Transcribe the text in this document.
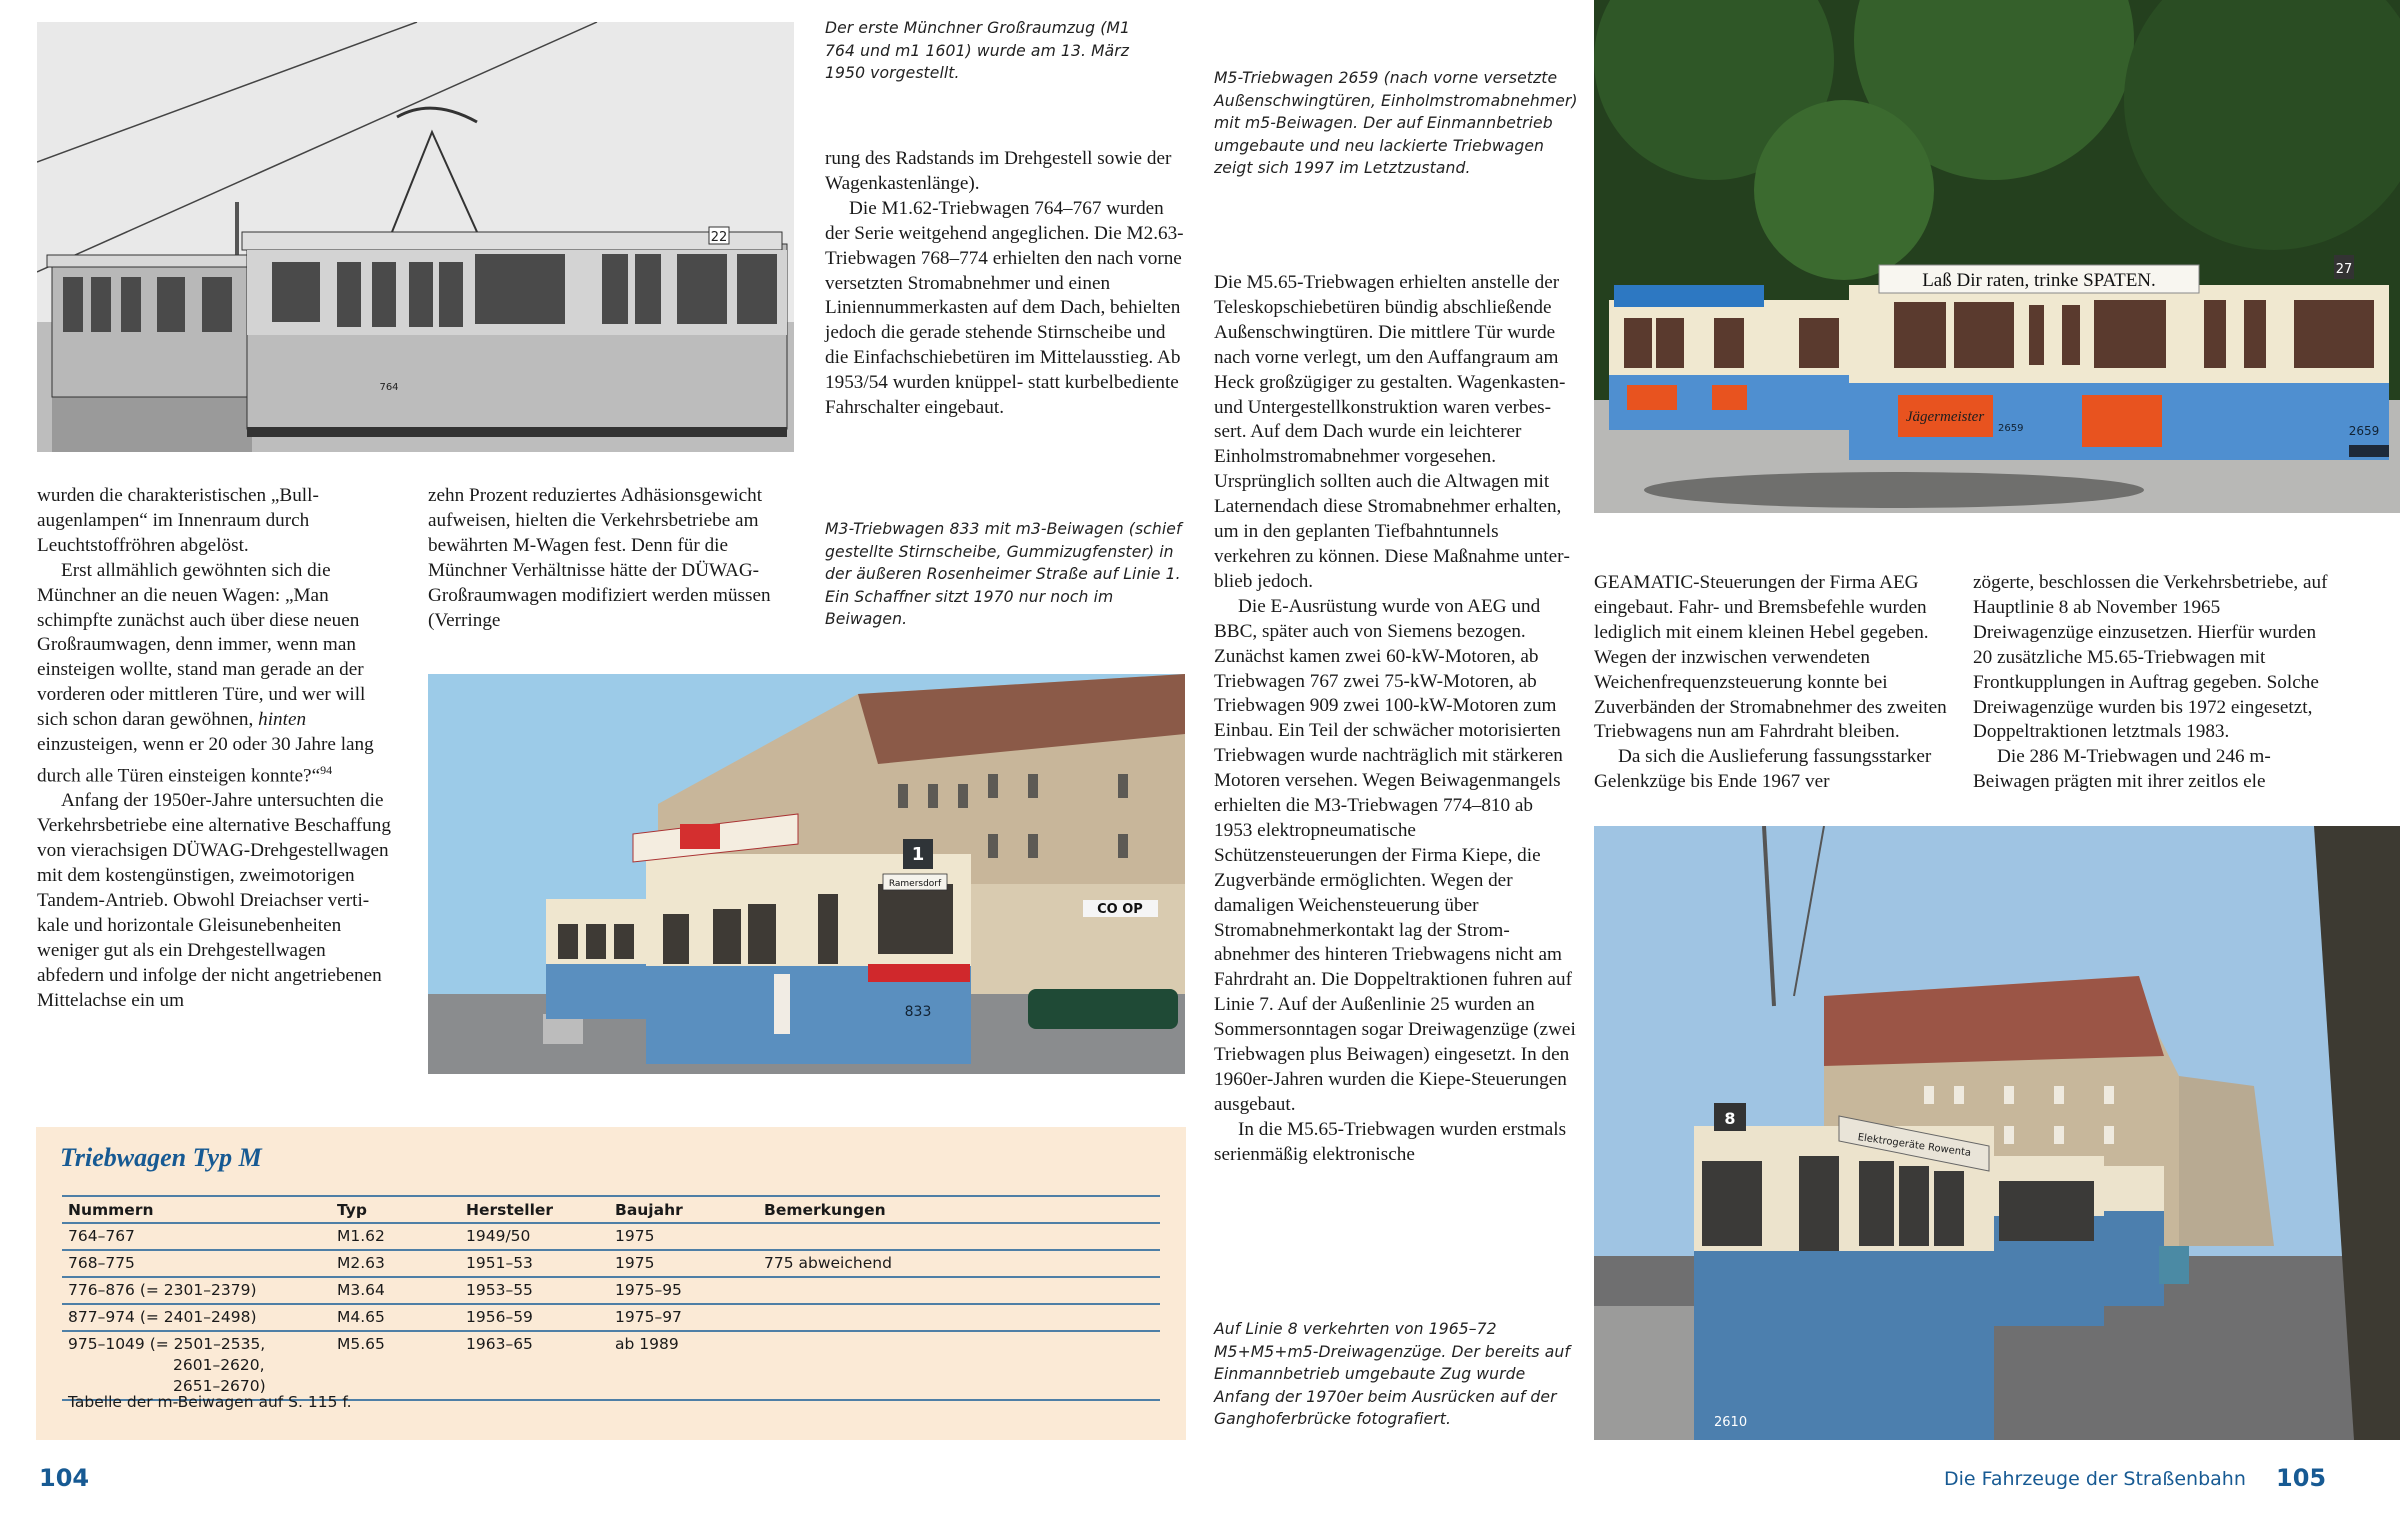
22
764
Der erste Münchner Großraumzug (M1 764 und m1 1601) wurde am 13. März 1950 vorgestellt.

wurden die charakteristischen „Bullaugenlampen“ im Innenraum durch Leuchtstoffröhren abgelöst.

Erst allmählich gewöhnten sich die Münchner an die neuen Wagen: „Man schimpfte zunächst auch über diese neuen Großraumwagen, denn immer, wenn man einsteigen wollte, stand man gerade an der vorderen oder mittleren Türe, und wer will sich schon daran gewöhnen, hinten einzusteigen, wenn er 20 oder 30 Jahre lang durch alle Türen einsteigen konnte?“$^{94}$

Anfang der 1950er-Jahre untersuchten die Verkehrsbetriebe eine alternative Beschaffung von vierachsigen DÜWAG-Drehgestellwagen mit dem kostengünstigen, zweimotorigen Tandem-Antrieb. Obwohl Dreiachser vertikale und horizontale Gleisunebenheiten weniger gut als ein Drehgestellwagen abfedern und infolge der nicht angetriebenen Mittelachse ein um

zehn Prozent reduziertes Adhäsionsgewicht aufweisen, hielten die Verkehrsbetriebe am bewährten M-Wagen fest. Denn für die Münchner Verhältnisse hätte der DÜWAG-Großraumwagen modifiziert werden müssen (Verringe

rung des Radstands im Drehgestell sowie der Wagenkastenlänge).

Die M1.62-Triebwagen 764–767 wurden der Serie weitgehend angeglichen. Die M2.63-Triebwagen 768–774 erhielten den nach vorne versetzten Stromabnehmer und einen Liniennummerkasten auf dem Dach, behielten jedoch die gerade stehende Stirnscheibe und die Einfachschiebetüren im Mittelausstieg. Ab 1953/54 wurden knüppel- statt kurbelbediente Fahrschalter eingebaut.

M3-Triebwagen 833 mit m3-Beiwagen (schief gestellte Stirnscheibe, Gummizugfenster) in der äußeren Rosenheimer Straße auf Linie 1. Ein Schaffner sitzt 1970 nur noch im Beiwagen.
CO OP
1
Ramersdorf
833
Triebwagen Typ M
Nummern	Typ	Hersteller	Baujahr	Bemerkungen
764–767	M1.62	1949/50	1975	
768–775	M2.63	1951–53	1975	775 abweichend
776–876 (= 2301–2379)	M3.64	1953–55	1975–95	
877–974 (= 2401–2498)	M4.65	1956–59	1975–97	

975–1049 (= 2501–2535,
2601–2620,
2651–2670)	M5.65	1963–65	ab 1989	
Tabelle der m-Beiwagen auf S. 115 f.
M5-Triebwagen 2659 (nach vorne versetzte Außenschwingtüren, Einholmstromabnehmer) mit m5-Beiwagen. Der auf Einmannbetrieb umgebaute und neu lackierte Triebwagen zeigt sich 1997 im Letztzustand.

Die M5.65-Triebwagen erhielten anstelle der Teleskopschiebetüren bündig abschließende Außenschwingtüren. Die mittlere Tür wurde nach vorne verlegt, um den Auffangraum am Heck großzügiger zu gestalten. Wagenkasten- und Untergestellkonstruktion waren verbessert. Auf dem Dach wurde ein leichterer Einholmstromabnehmer vorgesehen. Ursprünglich sollten auch die Altwagen mit Laternendach diese Stromabnehmer erhalten, um in den geplanten Tiefbahntunnels verkehren zu können. Diese Maßnahme unterblieb jedoch.

Die E-Ausrüstung wurde von AEG und BBC, später auch von Siemens bezogen. Zunächst kamen zwei 60-kW-Motoren, ab Triebwagen 767 zwei 75-kW-Motoren, ab Triebwagen 909 zwei 100-kW-Motoren zum Einbau. Ein Teil der schwächer motorisierten Triebwagen wurde nachträglich mit stärkeren Motoren versehen. Wegen Beiwagenmangels erhielten die M3-Triebwagen 774–810 ab 1953 elektropneumatische Schützensteuerungen der Firma Kiepe, die Zugverbände ermöglichten. Wegen der damaligen Weichensteuerung über Stromabnehmerkontakt lag der Stromabnehmer des hinteren Triebwagens nicht am Fahrdraht an. Die Doppeltraktionen fuhren auf Linie 7. Auf der Außenlinie 25 wurden an Sommersonntagen sogar Dreiwagenzüge (zwei Triebwagen plus Beiwagen) eingesetzt. In den 1960er-Jahren wurden die Kiepe-Steuerungen ausgebaut.

In die M5.65-Triebwagen wurden erstmals serienmäßig elektronische

Auf Linie 8 verkehrten von 1965–72 M5+M5+m5-Dreiwagenzüge. Der bereits auf Einmannbetrieb umgebaute Zug wurde Anfang der 1970er beim Ausrücken auf der Ganghoferbrücke fotografiert.
Laß Dir raten, trinke SPATEN.
27
Jägermeister
2659	2659

GEAMATIC-Steuerungen der Firma AEG eingebaut. Fahr- und Bremsbefehle wurden lediglich mit einem kleinen Hebel gegeben. Wegen der inzwischen verwendeten Weichenfrequenzsteuerung konnte bei Zuverbänden der Stromabnehmer des zweiten Triebwagens nun am Fahrdraht bleiben.

Da sich die Auslieferung fassungsstarker Gelenkzüge bis Ende 1967 ver

zögerte, beschlossen die Verkehrsbetriebe, auf Hauptlinie 8 ab November 1965 Dreiwagenzüge einzusetzen. Hierfür wurden 20 zusätzliche M5.65-Triebwagen mit Frontkupplungen in Auftrag gegeben. Solche Dreiwagenzüge wurden bis 1972 eingesetzt, Doppeltraktionen letztmals 1983.

Die 286 M-Triebwagen und 246 m-Beiwagen prägten mit ihrer zeitlos ele

Elektrogeräte Rowenta
8
2610
104	Die Fahrzeuge der Straßenbahn 105
